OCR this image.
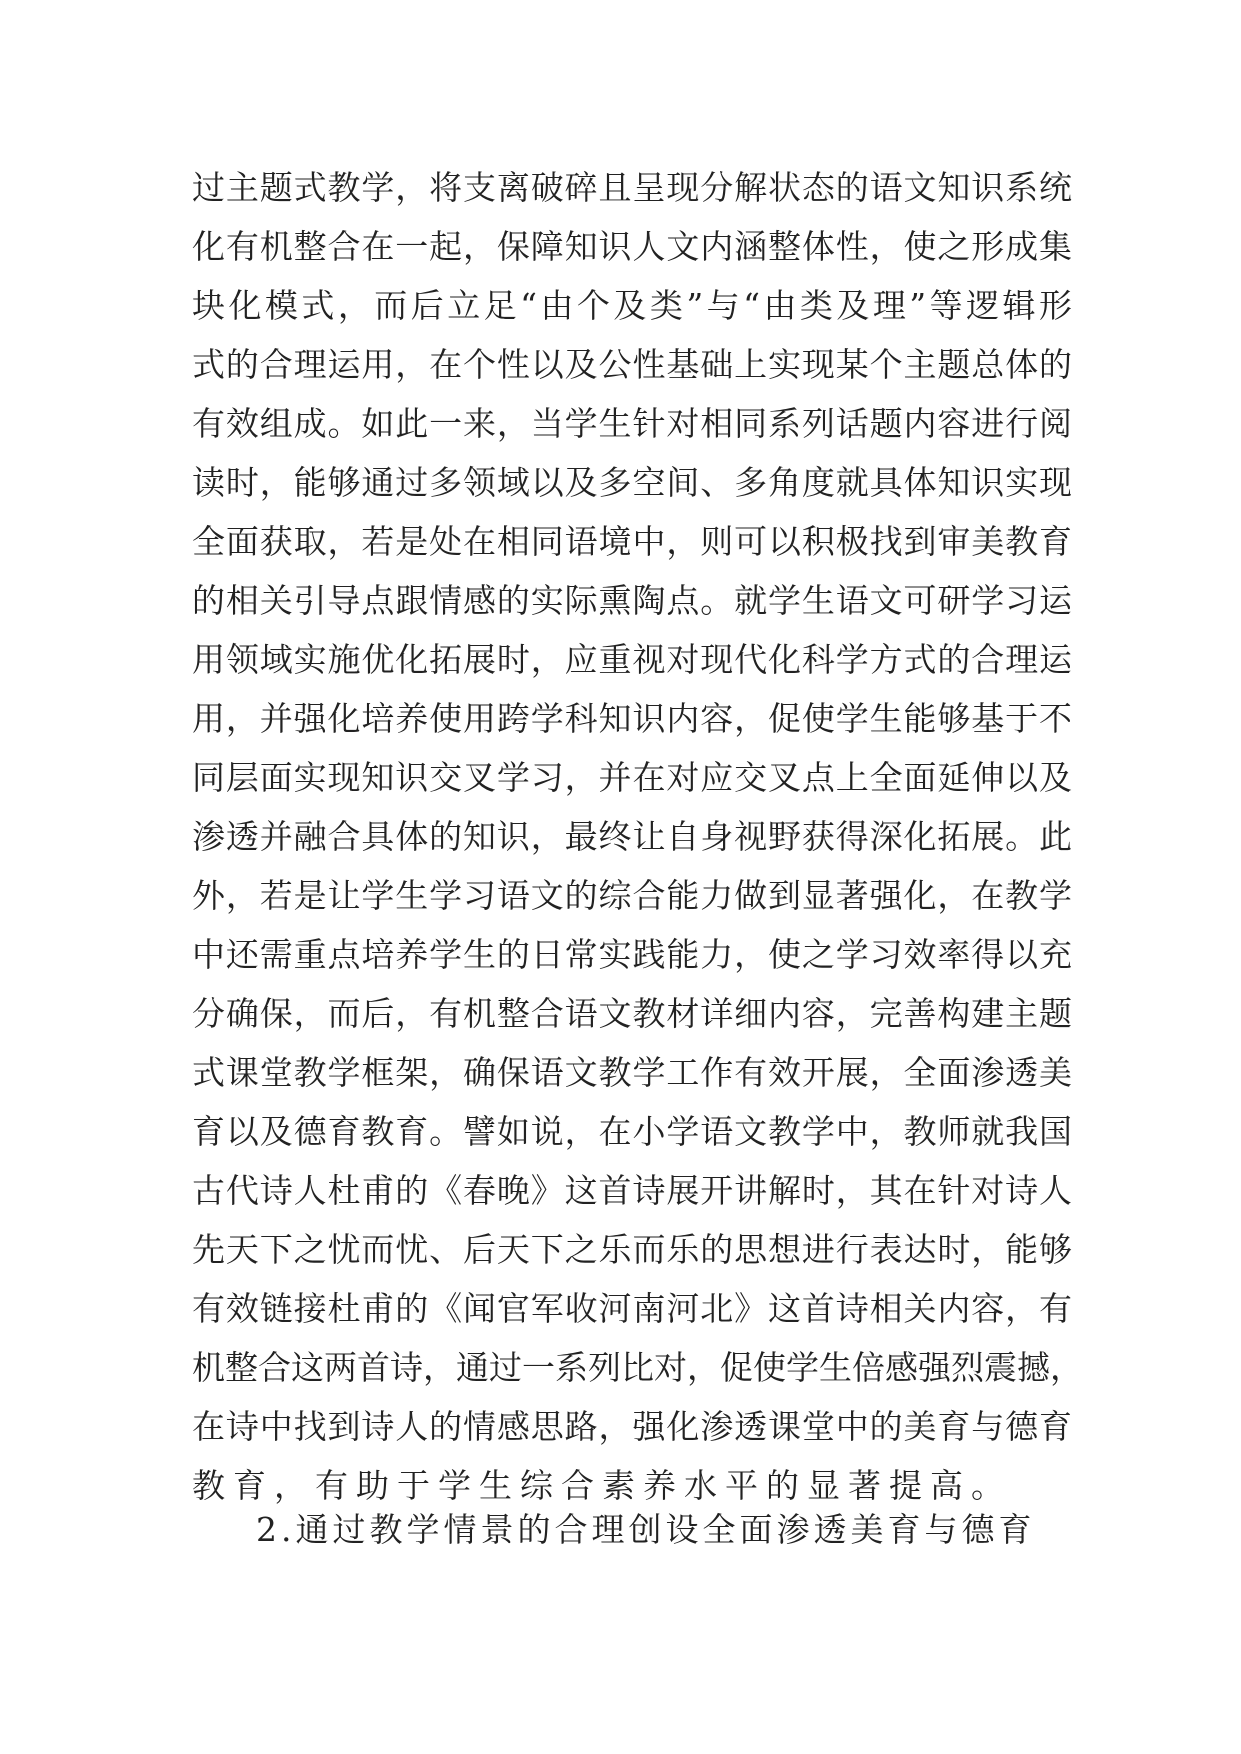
过主题式教学，将支离破碎且呈现分解状态的语文知识系统
化有机整合在一起，保障知识人文内涵整体性，使之形成集
块化模式，而后立足“由个及类”与“由类及理”等逻辑形
式的合理运用，在个性以及公性基础上实现某个主题总体的
有效组成。如此一来，当学生针对相同系列话题内容进行阅
读时，能够通过多领域以及多空间、多角度就具体知识实现
全面获取，若是处在相同语境中，则可以积极找到审美教育
的相关引导点跟情感的实际熏陶点。就学生语文可研学习运
用领域实施优化拓展时，应重视对现代化科学方式的合理运
用，并强化培养使用跨学科知识内容，促使学生能够基于不
同层面实现知识交叉学习，并在对应交叉点上全面延伸以及
渗透并融合具体的知识，最终让自身视野获得深化拓展。此
外，若是让学生学习语文的综合能力做到显著强化，在教学
中还需重点培养学生的日常实践能力，使之学习效率得以充
分确保，而后，有机整合语文教材详细内容，完善构建主题
式课堂教学框架，确保语文教学工作有效开展，全面渗透美
育以及德育教育。譬如说，在小学语文教学中，教师就我国
古代诗人杜甫的《春晚》这首诗展开讲解时，其在针对诗人
先天下之忧而忧、后天下之乐而乐的思想进行表达时，能够
有效链接杜甫的《闻官军收河南河北》这首诗相关内容，有
机整合这两首诗，通过一系列比对，促使学生倍感强烈震撼，
在诗中找到诗人的情感思路，强化渗透课堂中的美育与德育
教育，有助于学生综合素养水平的显著提高。
2.通过教学情景的合理创设全面渗透美育与德育
